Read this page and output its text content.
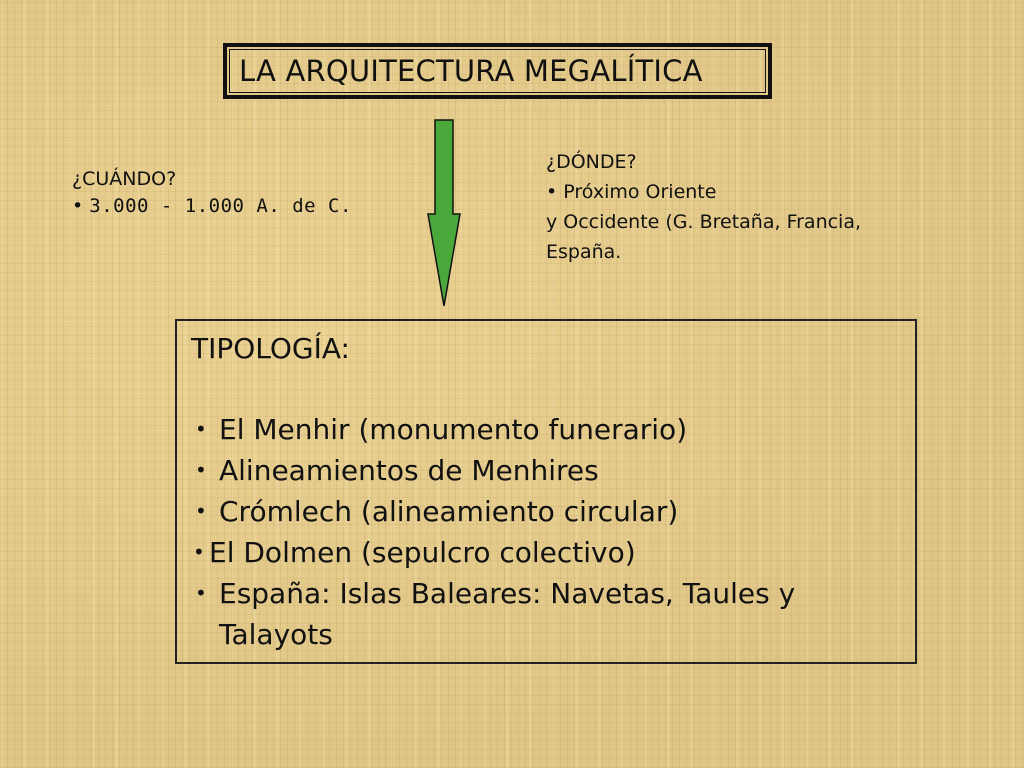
LA ARQUITECTURA MEGALÍTICA
¿CUÁNDO?
• 3.000 - 1.000 A. de C.
¿DÓNDE?
• Próximo Oriente
y Occidente (G. Bretaña, Francia,
España.
TIPOLOGÍA:
• El Menhir (monumento funerario)
• Alineamientos de Menhires
• Crómlech (alineamiento circular)
• El Dolmen (sepulcro colectivo)
• España: Islas Baleares: Navetas, Taules y Talayots
